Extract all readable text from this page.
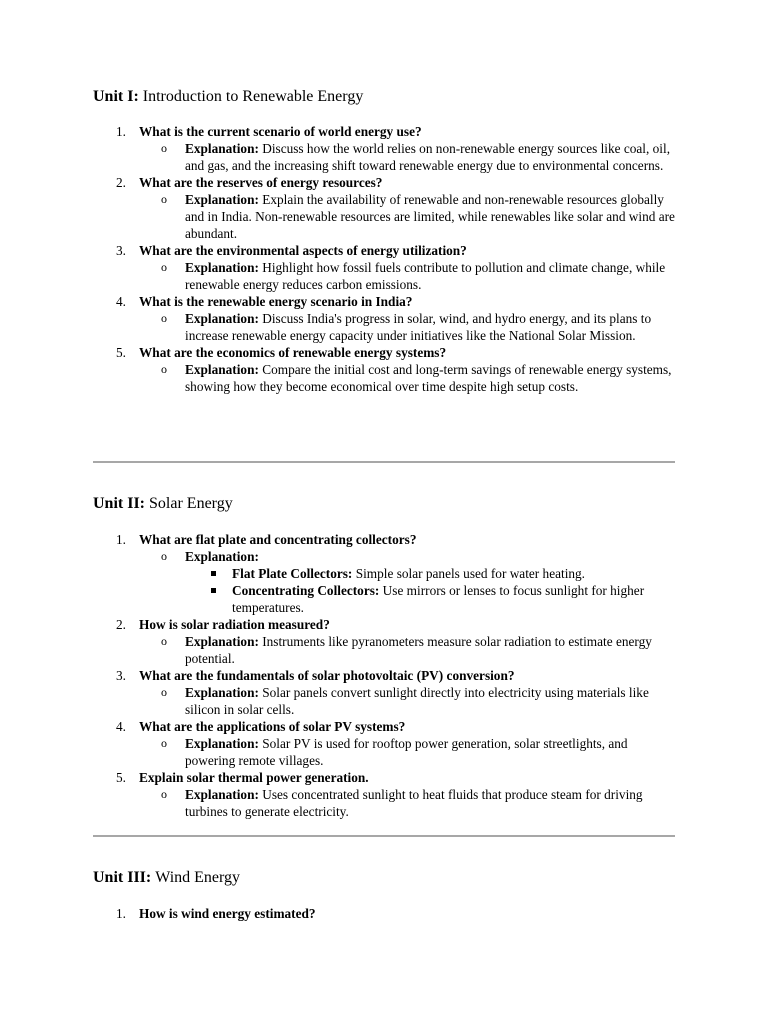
Unit I: Introduction to Renewable Energy
1. What is the current scenario of world energy use?
o Explanation: Discuss how the world relies on non-renewable energy sources like coal, oil, and gas, and the increasing shift toward renewable energy due to environmental concerns.
2. What are the reserves of energy resources?
o Explanation: Explain the availability of renewable and non-renewable resources globally and in India. Non-renewable resources are limited, while renewables like solar and wind are abundant.
3. What are the environmental aspects of energy utilization?
o Explanation: Highlight how fossil fuels contribute to pollution and climate change, while renewable energy reduces carbon emissions.
4. What is the renewable energy scenario in India?
o Explanation: Discuss India's progress in solar, wind, and hydro energy, and its plans to increase renewable energy capacity under initiatives like the National Solar Mission.
5. What are the economics of renewable energy systems?
o Explanation: Compare the initial cost and long-term savings of renewable energy systems, showing how they become economical over time despite high setup costs.
Unit II: Solar Energy
1. What are flat plate and concentrating collectors?
o Explanation:
Flat Plate Collectors: Simple solar panels used for water heating.
Concentrating Collectors: Use mirrors or lenses to focus sunlight for higher temperatures.
2. How is solar radiation measured?
o Explanation: Instruments like pyranometers measure solar radiation to estimate energy potential.
3. What are the fundamentals of solar photovoltaic (PV) conversion?
o Explanation: Solar panels convert sunlight directly into electricity using materials like silicon in solar cells.
4. What are the applications of solar PV systems?
o Explanation: Solar PV is used for rooftop power generation, solar streetlights, and powering remote villages.
5. Explain solar thermal power generation.
o Explanation: Uses concentrated sunlight to heat fluids that produce steam for driving turbines to generate electricity.
Unit III: Wind Energy
1. How is wind energy estimated?
